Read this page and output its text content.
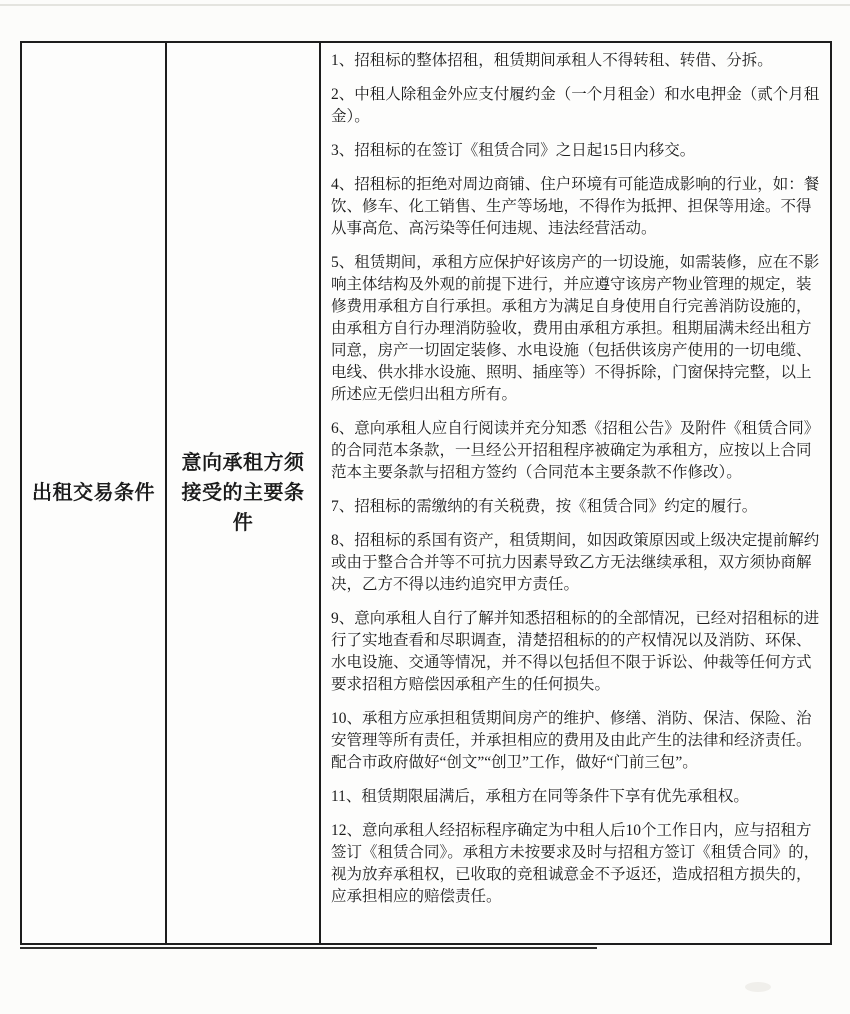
出租交易条件
意向承租方须接受的主要条件

1、招租标的整体招租，租赁期间承租人不得转租、转借、分拆。

2、中租人除租金外应支付履约金（一个月租金）和水电押金（贰个月租金）。

3、招租标的在签订《租赁合同》之日起15日内移交。

4、招租标的拒绝对周边商铺、住户环境有可能造成影响的行业，如：餐饮、修车、化工销售、生产等场地，不得作为抵押、担保等用途。不得从事高危、高污染等任何违规、违法经营活动。

5、租赁期间，承租方应保护好该房产的一切设施，如需装修，应在不影响主体结构及外观的前提下进行，并应遵守该房产物业管理的规定，装修费用承租方自行承担。承租方为满足自身使用自行完善消防设施的，由承租方自行办理消防验收，费用由承租方承担。租期届满未经出租方同意，房产一切固定装修、水电设施（包括供该房产使用的一切电缆、电线、供水排水设施、照明、插座等）不得拆除，门窗保持完整，以上所述应无偿归出租方所有。

6、意向承租人应自行阅读并充分知悉《招租公告》及附件《租赁合同》的合同范本条款，一旦经公开招租程序被确定为承租方，应按以上合同范本主要条款与招租方签约（合同范本主要条款不作修改）。

7、招租标的需缴纳的有关税费，按《租赁合同》约定的履行。

8、招租标的系国有资产，租赁期间，如因政策原因或上级决定提前解约或由于整合合并等不可抗力因素导致乙方无法继续承租，双方须协商解决，乙方不得以违约追究甲方责任。

9、意向承租人自行了解并知悉招租标的的全部情况，已经对招租标的进行了实地查看和尽职调查，清楚招租标的的产权情况以及消防、环保、水电设施、交通等情况，并不得以包括但不限于诉讼、仲裁等任何方式要求招租方赔偿因承租产生的任何损失。

10、承租方应承担租赁期间房产的维护、修缮、消防、保洁、保险、治安管理等所有责任，并承担相应的费用及由此产生的法律和经济责任。配合市政府做好“创文”“创卫”工作，做好“门前三包”。

11、租赁期限届满后，承租方在同等条件下享有优先承租权。

12、意向承租人经招标程序确定为中租人后10个工作日内，应与招租方签订《租赁合同》。承租方未按要求及时与招租方签订《租赁合同》的，视为放弃承租权，已收取的竞租诚意金不予返还，造成招租方损失的，应承担相应的赔偿责任。
